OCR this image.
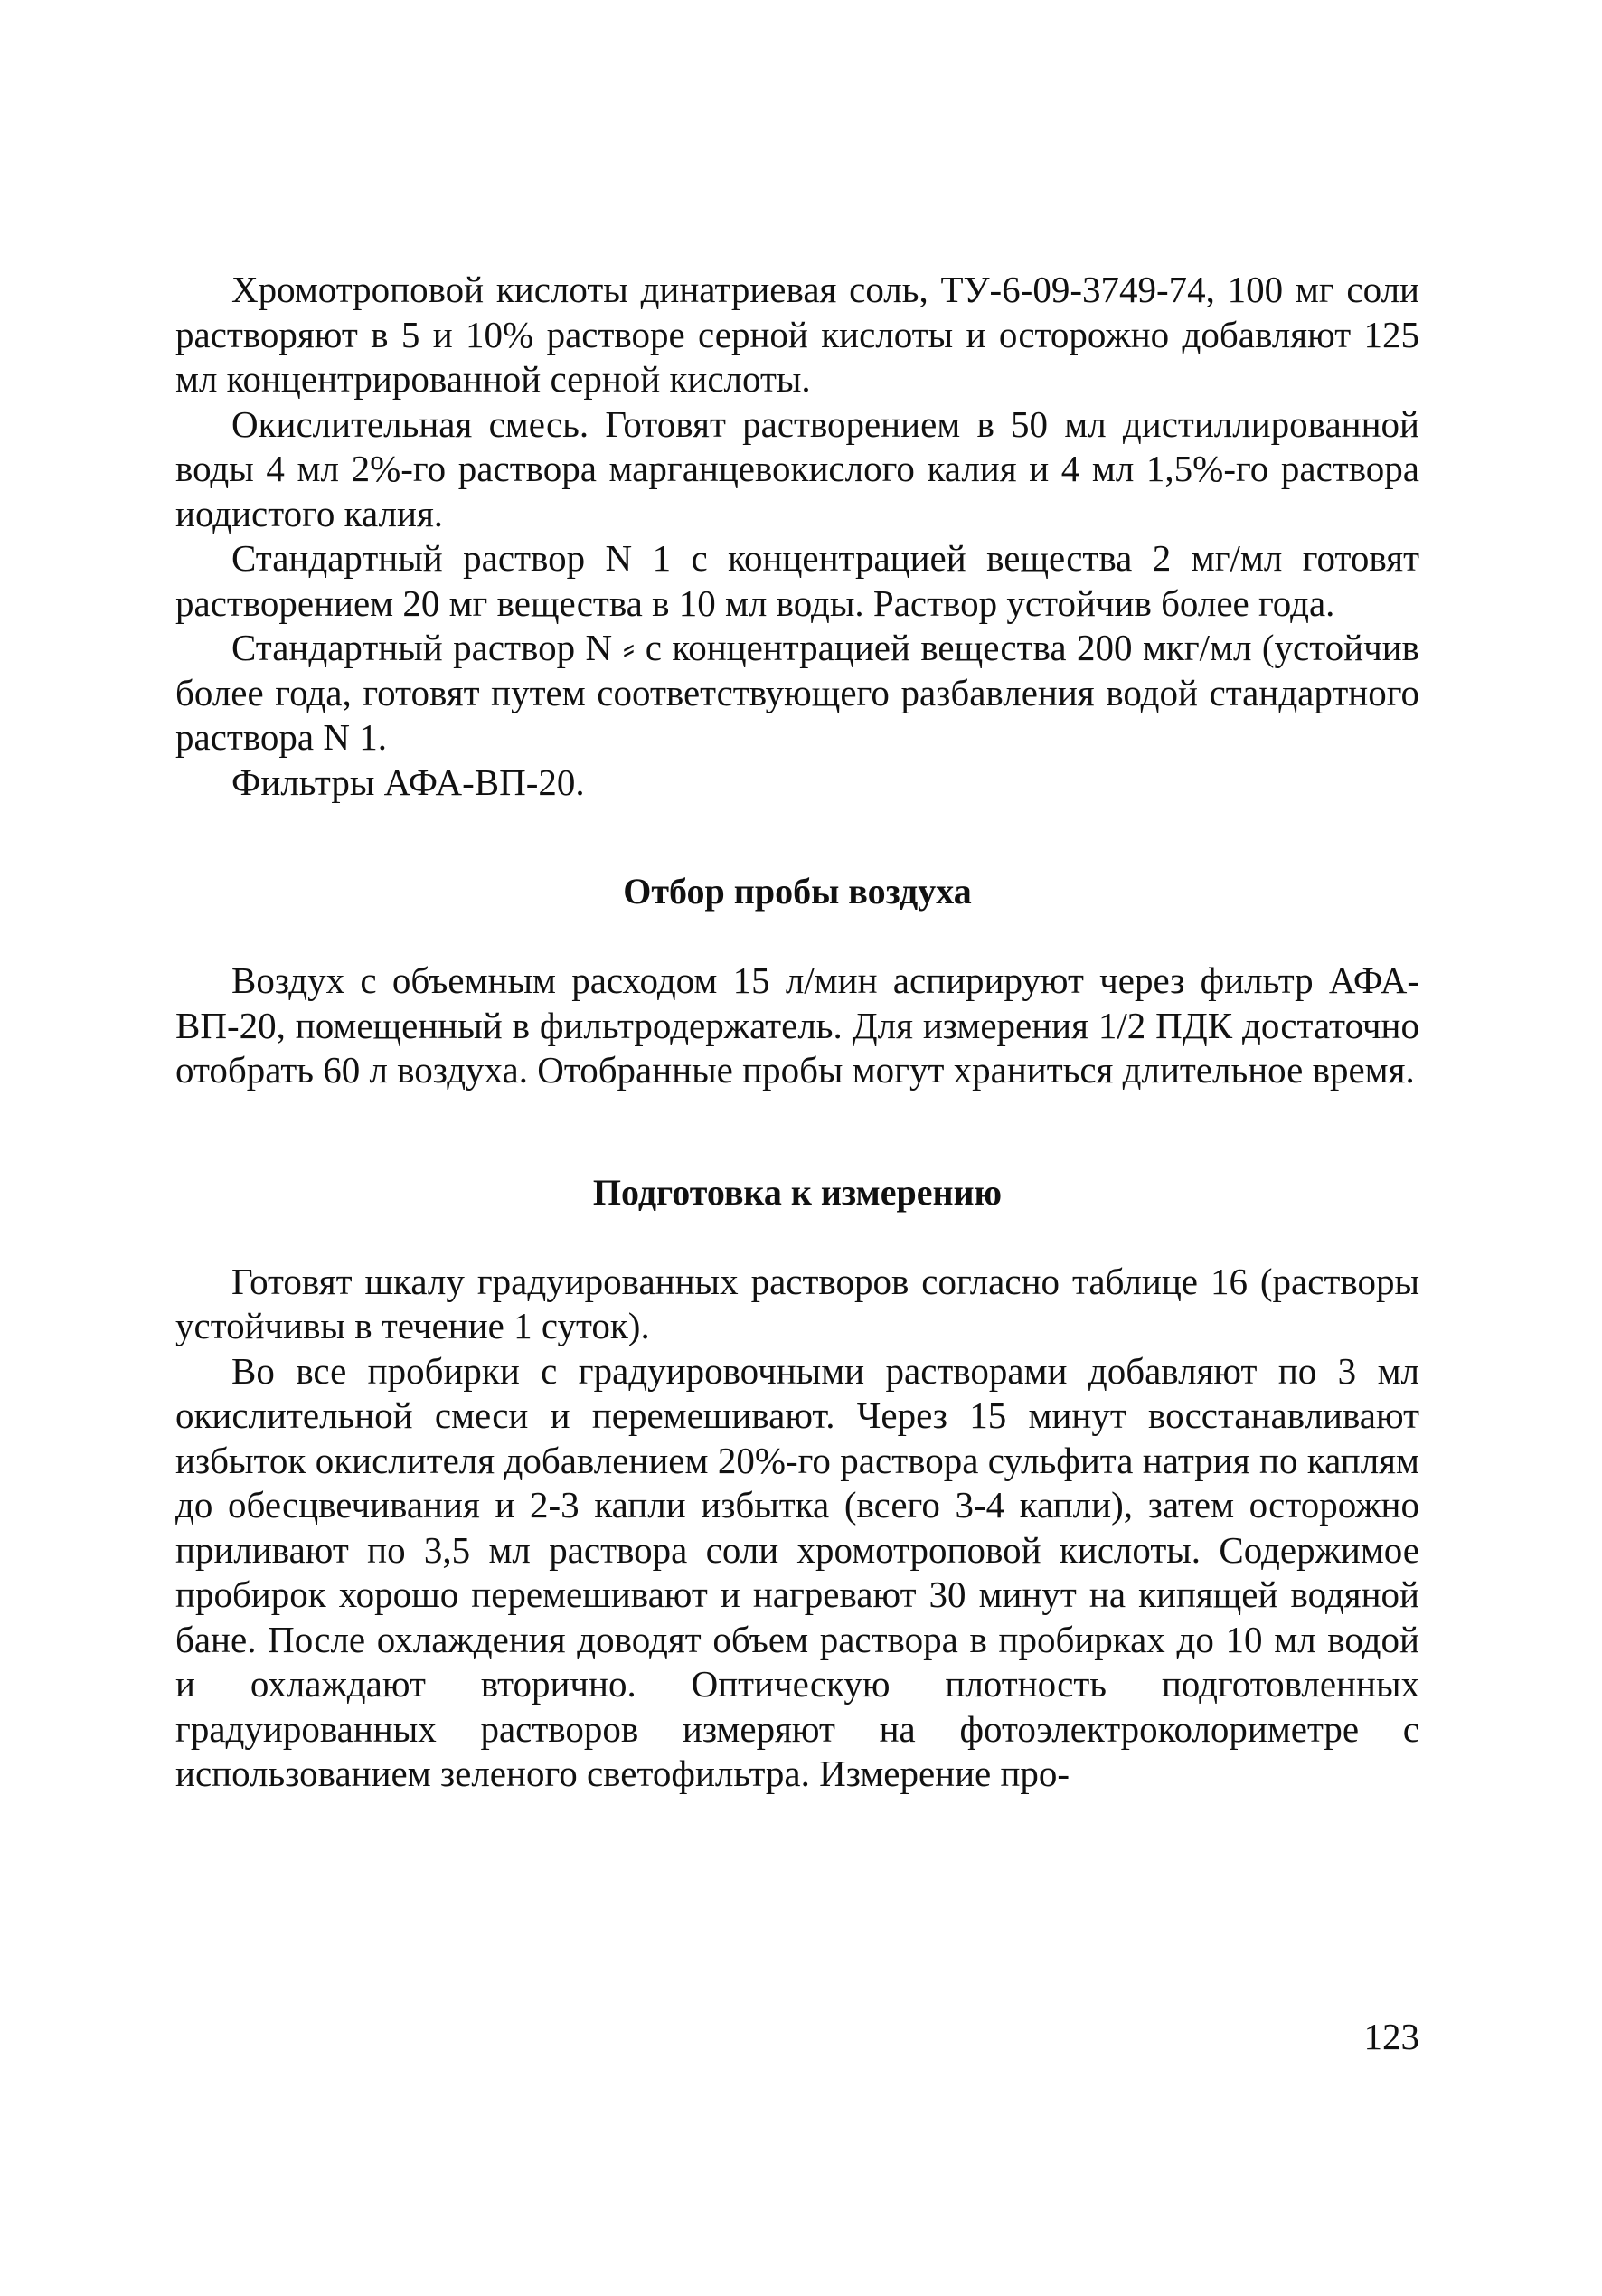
Хромотроповой кислоты динатриевая соль, ТУ-6-09-3749-74, 100 мг соли растворяют в 5 и 10% растворе серной кислоты и осторожно добавляют 125 мл концентрированной серной кислоты.

Окислительная смесь. Готовят растворением в 50 мл дистиллированной воды 4 мл 2%-го раствора марганцевокислого калия и 4 мл 1,5%-го раствора иодистого калия.

Стандартный раствор N 1 с концентрацией вещества 2 мг/мл готовят растворением 20 мг вещества в 10 мл воды. Раствор устойчив более года.

Стандартный раствор N ⸗ с концентрацией вещества 200 мкг/мл (устойчив более года, готовят путем соответствующего разбавления водой стандартного раствора N 1.

Фильтры АФА-ВП-20.

Отбор пробы воздуха

Воздух с объемным расходом 15 л/мин аспирируют через фильтр АФА-ВП-20, помещенный в фильтродержатель. Для измерения 1/2 ПДК достаточно отобрать 60 л воздуха. Отобранные пробы могут храниться длительное время.

Подготовка к измерению

Готовят шкалу градуированных растворов согласно таблице 16 (растворы устойчивы в течение 1 суток).

Во все пробирки с градуировочными растворами добавляют по 3 мл окислительной смеси и перемешивают. Через 15 минут восстанавливают избыток окислителя добавлением 20%-го раствора сульфита натрия по каплям до обесцвечивания и 2-3 капли избытка (всего 3-4 капли), затем осторожно приливают по 3,5 мл раствора соли хромотроповой кислоты. Содержимое пробирок хорошо перемешивают и нагревают 30 минут на кипящей водяной бане. После охлаждения доводят объем раствора в пробирках до 10 мл водой и охлаждают вторично. Оптическую плотность подготовленных градуированных растворов измеряют на фотоэлектроколориметре с использованием зеленого светофильтра. Измерение про-

123
